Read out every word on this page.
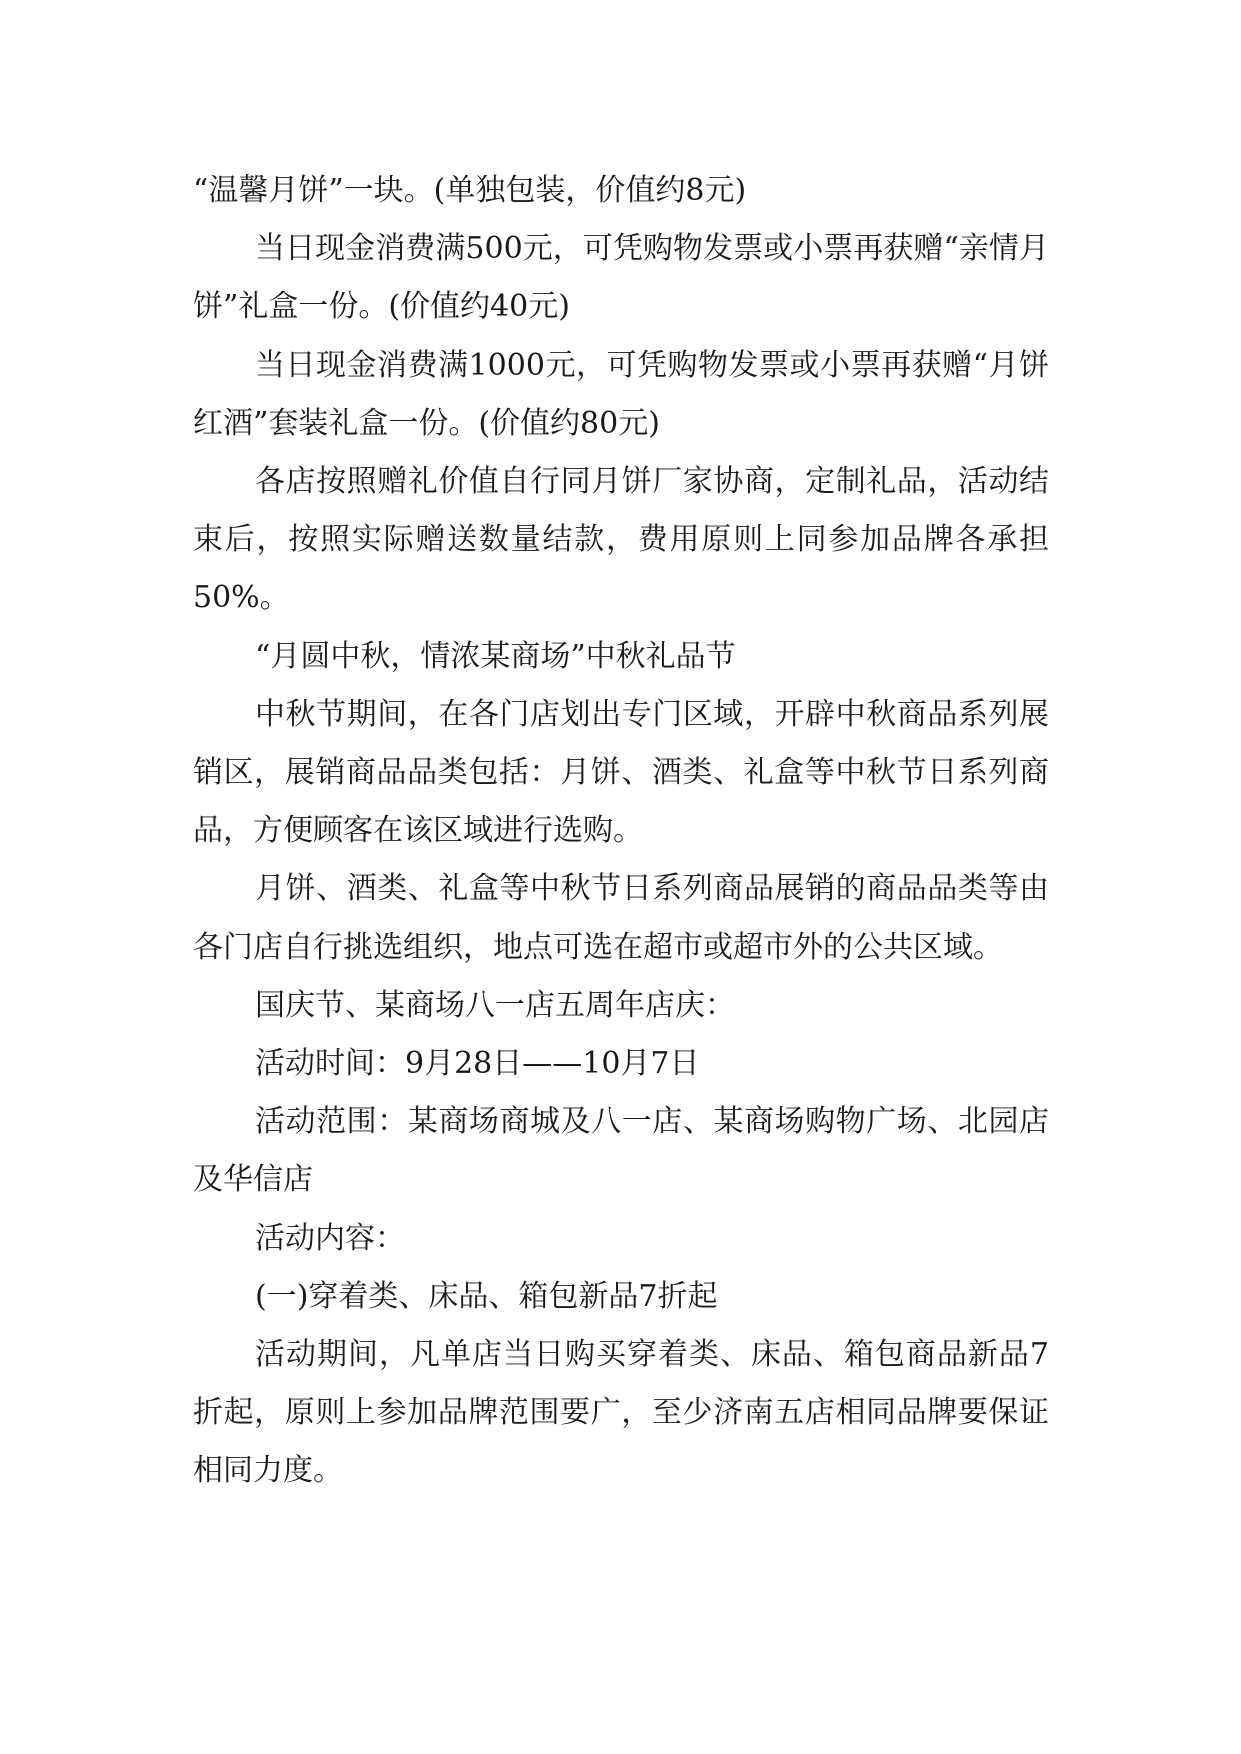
“温馨月饼”一块。(单独包装，价值约8元)

当日现金消费满500元，可凭购物发票或小票再获赠“亲情月饼”礼盒一份。(价值约40元)

当日现金消费满1000元，可凭购物发票或小票再获赠“月饼红酒”套装礼盒一份。(价值约80元)

各店按照赠礼价值自行同月饼厂家协商，定制礼品，活动结束后，按照实际赠送数量结款，费用原则上同参加品牌各承担50%。

“月圆中秋，情浓某商场”中秋礼品节

中秋节期间，在各门店划出专门区域，开辟中秋商品系列展销区，展销商品品类包括：月饼、酒类、礼盒等中秋节日系列商品，方便顾客在该区域进行选购。

月饼、酒类、礼盒等中秋节日系列商品展销的商品品类等由各门店自行挑选组织，地点可选在超市或超市外的公共区域。

国庆节、某商场八一店五周年店庆：

活动时间：9月28日——10月7日

活动范围：某商场商城及八一店、某商场购物广场、北园店及华信店

活动内容：

(一)穿着类、床品、箱包新品7折起

活动期间，凡单店当日购买穿着类、床品、箱包商品新品7折起，原则上参加品牌范围要广，至少济南五店相同品牌要保证相同力度。
